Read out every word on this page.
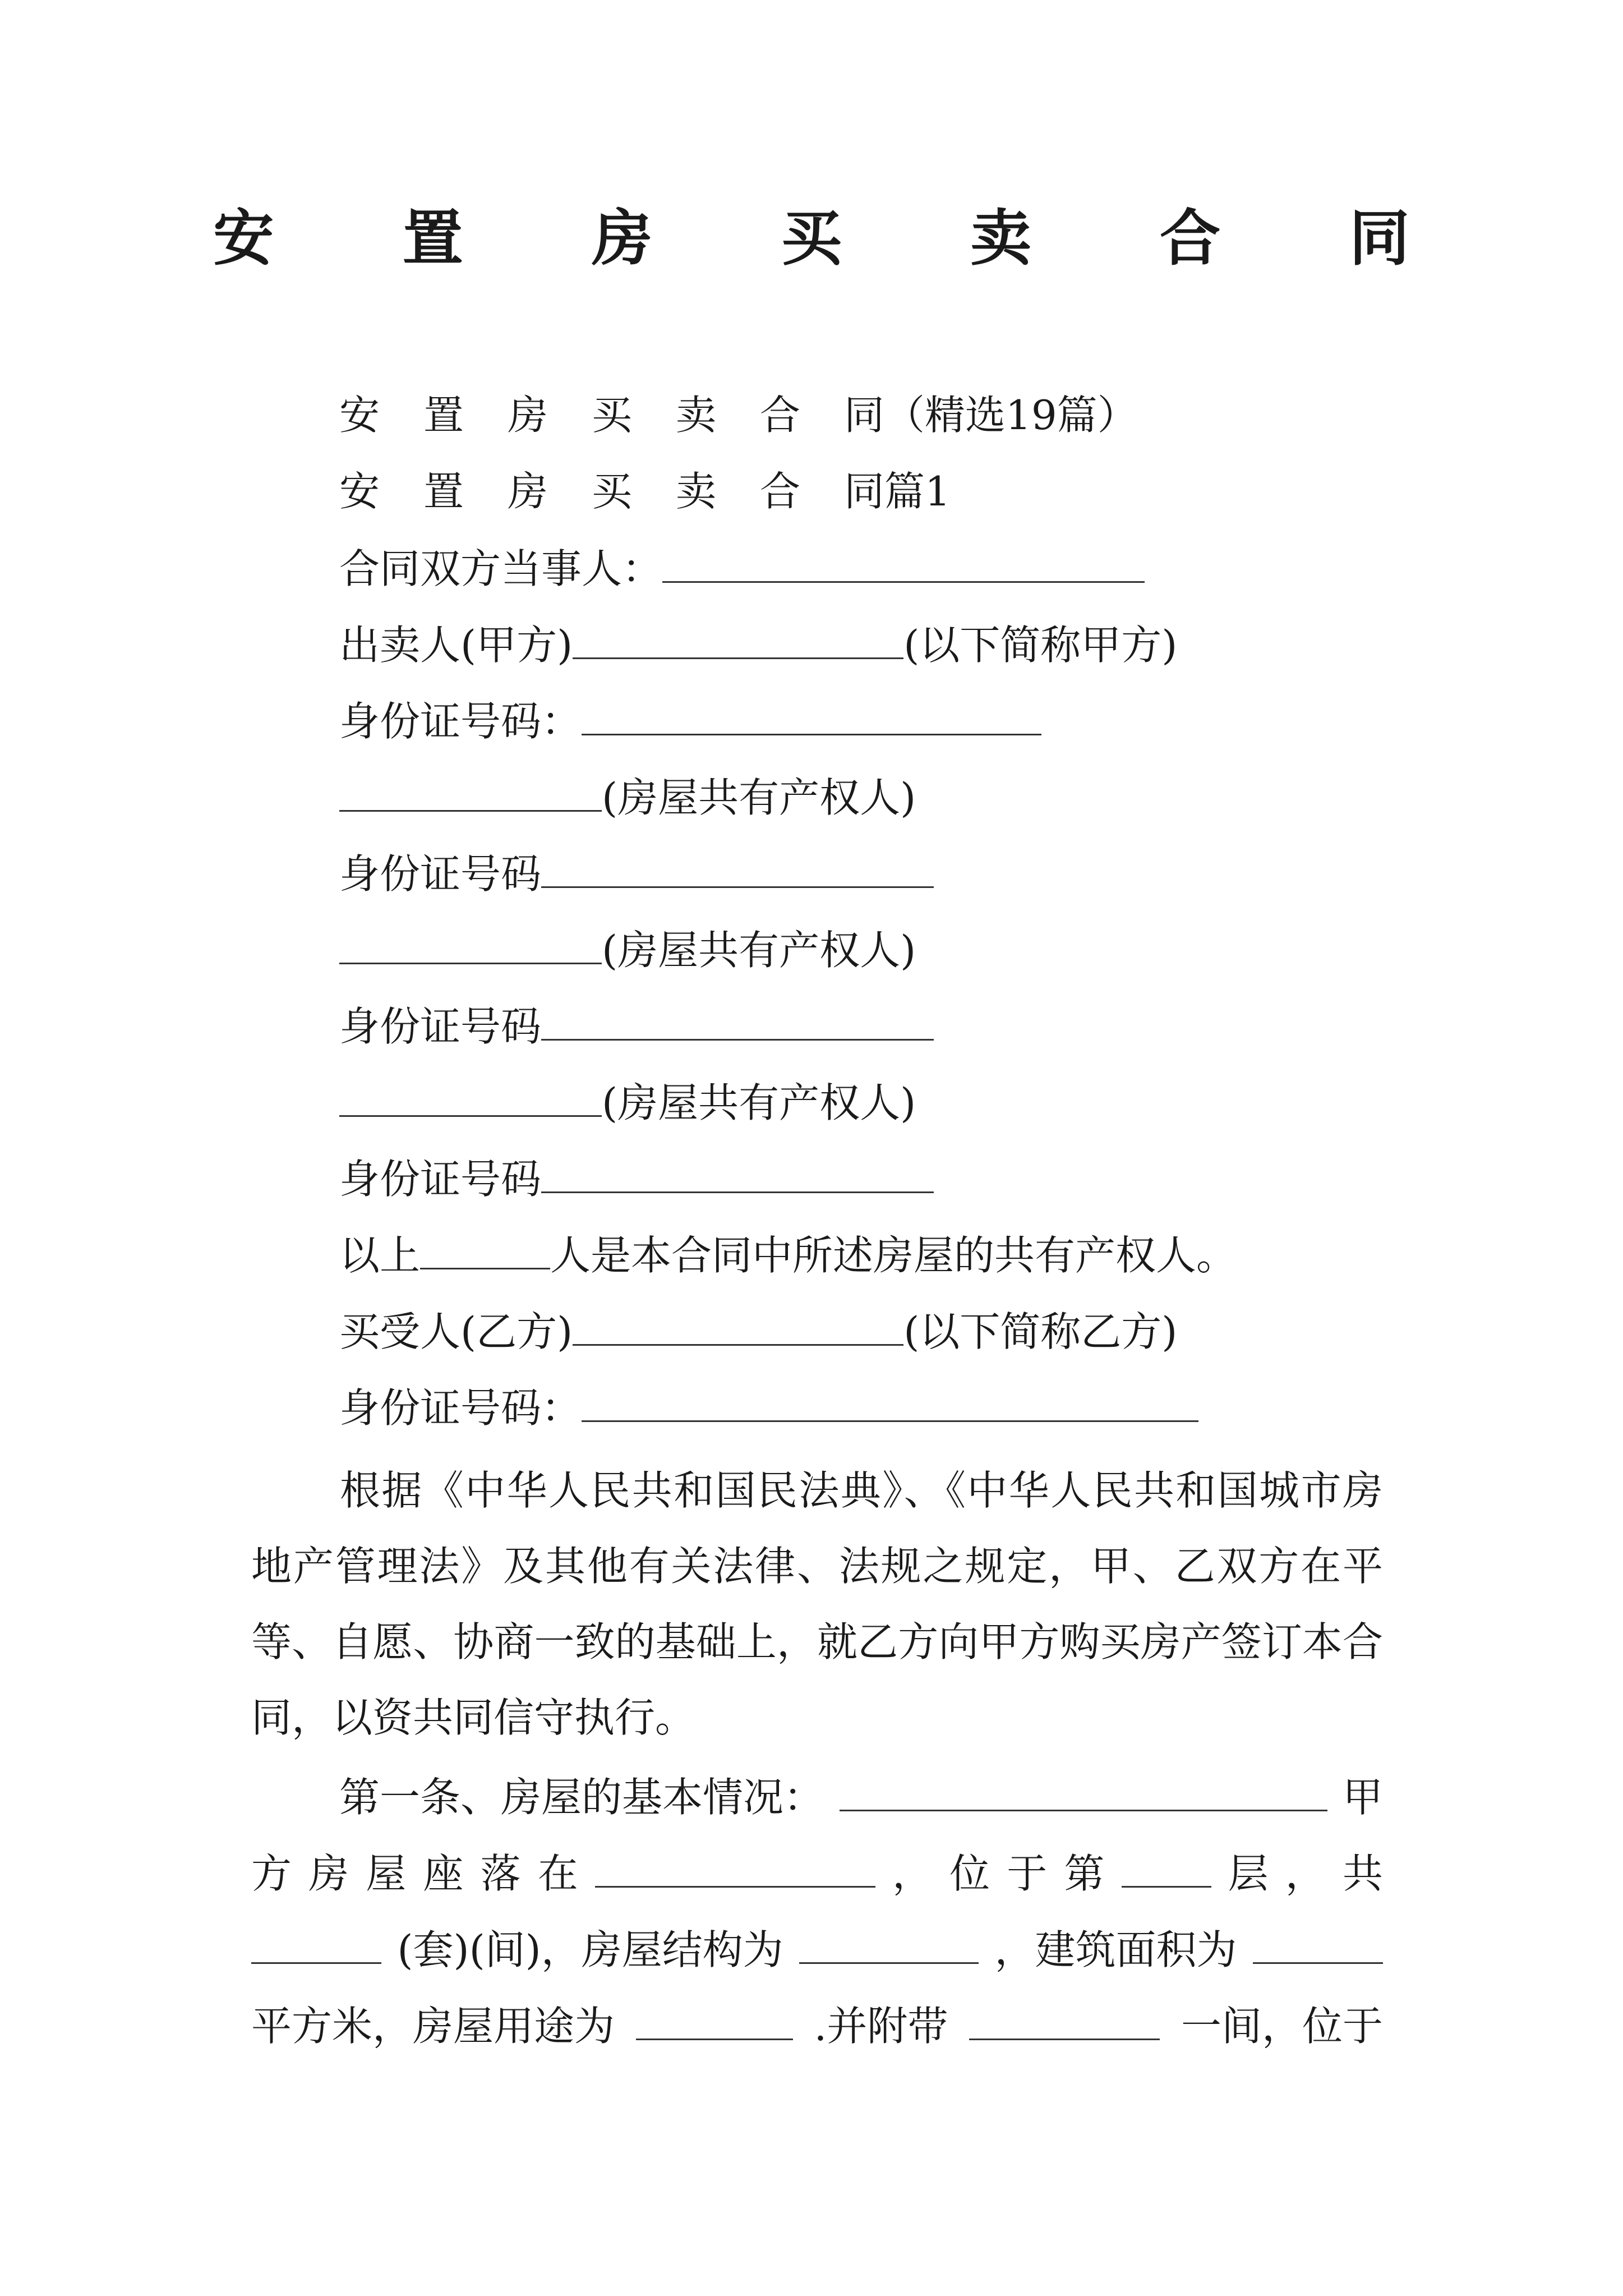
安 置 房 买 卖 合 同
安置房买卖合同（精选19篇）
安置房买卖合同篇1
合同双方当事人：
出卖人(甲方)	(以下简称甲方)
身份证号码：
(房屋共有产权人)
身份证号码
(房屋共有产权人)
身份证号码
(房屋共有产权人)
身份证号码
以上	人是本合同中所述房屋的共有产权人。
买受人(乙方)	(以下简称乙方)
身份证号码：
根据《中华人民共和国民法典》、《中华人民共和国城市房地产管理法》及其他有关法律、法规之规定，甲、乙双方在平等、自愿、协商一致的基础上，就乙方向甲方购买房产签订本合同，以资共同信守执行。
第一条、房屋的基本情况：	甲
方 房 屋 座 落 在	， 位 于 第	层 ， 共
(套)(间)，房屋结构为	，建筑面积为
平方米，房屋用途为	.并附带	一间，位于
